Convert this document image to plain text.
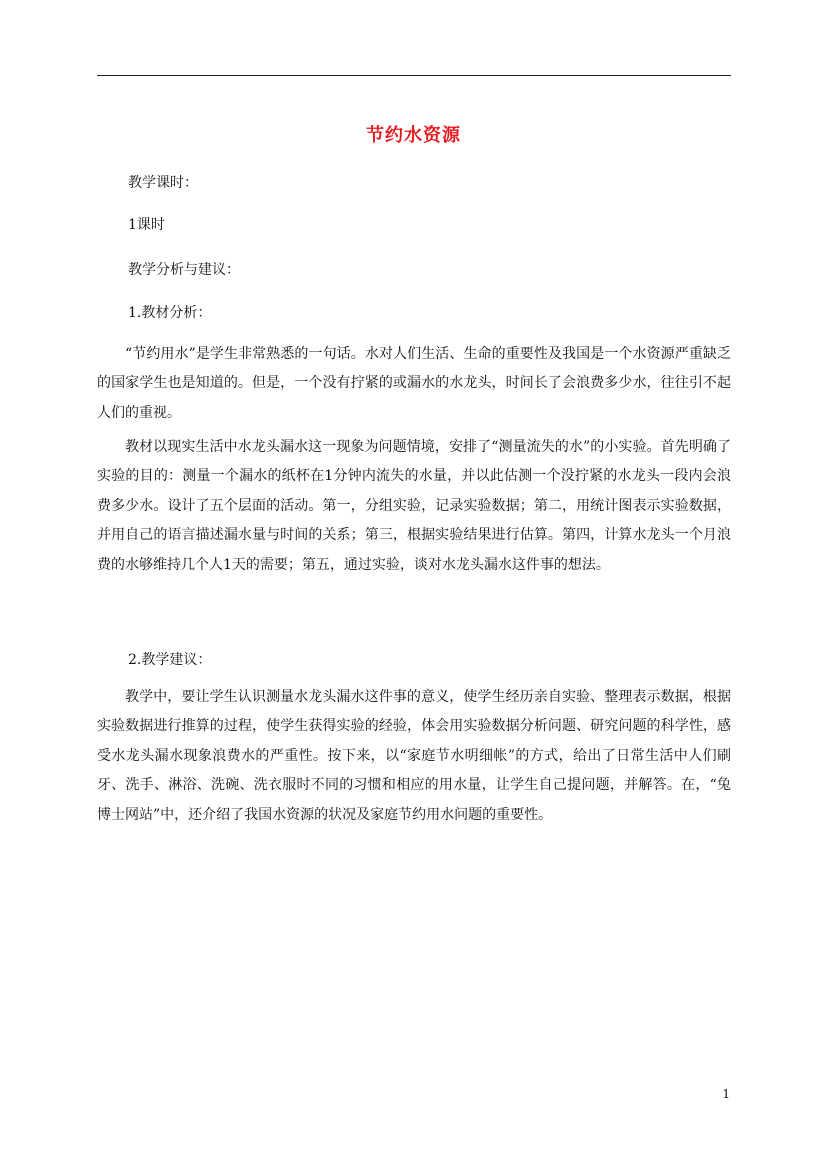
节约水资源
教学课时：
1课时
教学分析与建议：
1.教材分析：

“节约用水”是学生非常熟悉的一句话。水对人们生活、生命的重要性及我国是一个水资源严重缺乏的国家学生也是知道的。但是，一个没有拧紧的或漏水的水龙头，时间长了会浪费多少水，往往引不起人们的重视。

教材以现实生活中水龙头漏水这一现象为问题情境，安排了“测量流失的水”的小实验。首先明确了实验的目的：测量一个漏水的纸杯在1分钟内流失的水量，并以此估测一个没拧紧的水龙头一段内会浪费多少水。设计了五个层面的活动。第一，分组实验，记录实验数据；第二，用统计图表示实验数据，并用自己的语言描述漏水量与时间的关系；第三，根据实验结果进行估算。第四，计算水龙头一个月浪费的水够维持几个人1天的需要；第五，通过实验，谈对水龙头漏水这件事的想法。

2.教学建议：

教学中，要让学生认识测量水龙头漏水这件事的意义，使学生经历亲自实验、整理表示数据，根据实验数据进行推算的过程，使学生获得实验的经验，体会用实验数据分析问题、研究问题的科学性，感受水龙头漏水现象浪费水的严重性。按下来，以“家庭节水明细帐”的方式，给出了日常生活中人们刷牙、洗手、淋浴、洗碗、洗衣服时不同的习惯和相应的用水量，让学生自己提问题，并解答。在，“兔博士网站”中，还介绍了我国水资源的状况及家庭节约用水问题的重要性。

1
